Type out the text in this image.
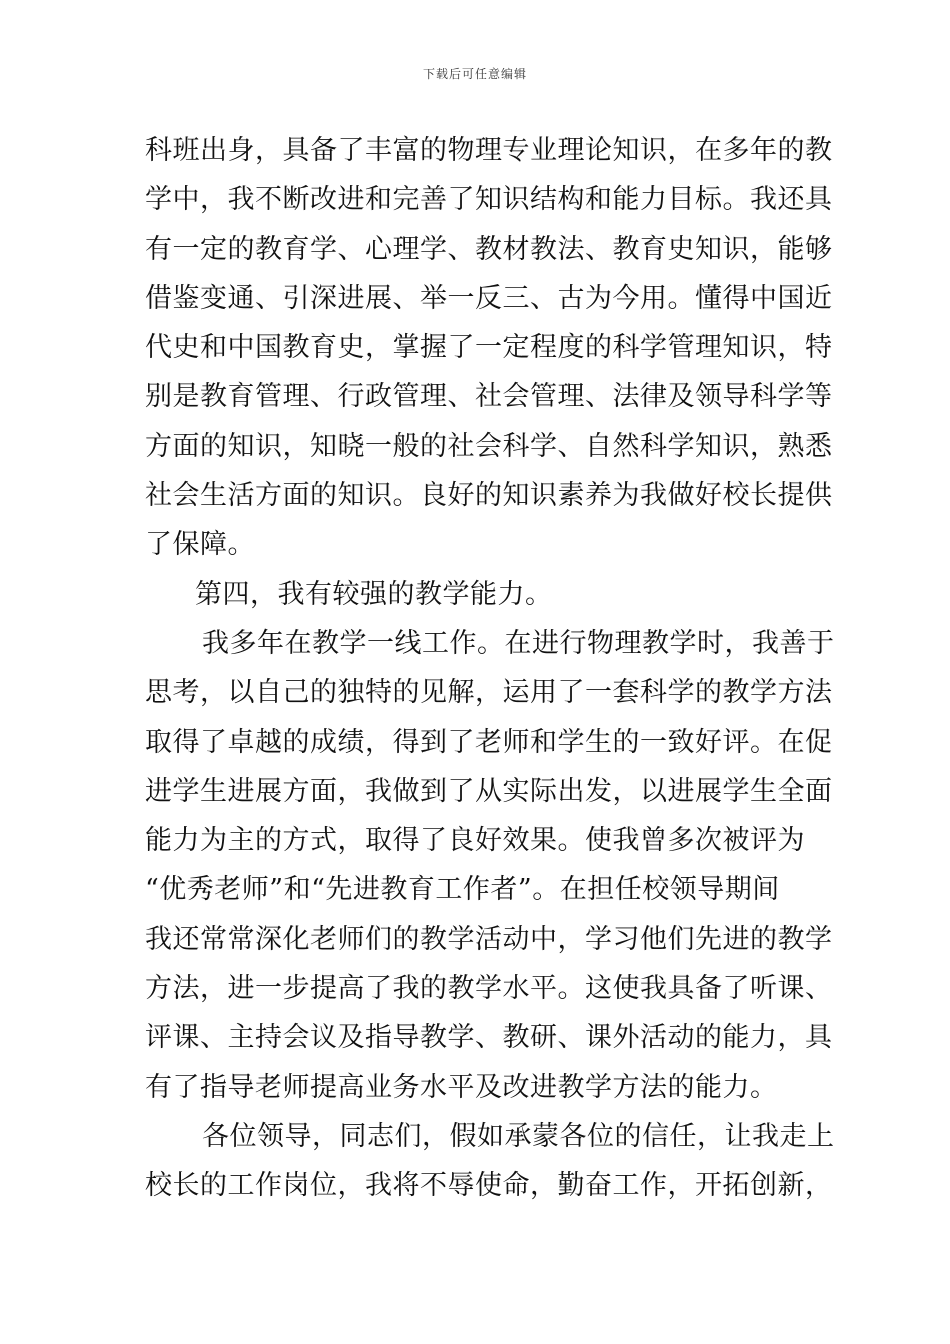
下载后可任意编辑
科班出身，具备了丰富的物理专业理论知识，在多年的教
学中，我不断改进和完善了知识结构和能力目标。我还具
有一定的教育学、心理学、教材教法、教育史知识，能够
借鉴变通、引深进展、举一反三、古为今用。懂得中国近
代史和中国教育史，掌握了一定程度的科学管理知识，特
别是教育管理、行政管理、社会管理、法律及领导科学等
方面的知识，知晓一般的社会科学、自然科学知识，熟悉
社会生活方面的知识。良好的知识素养为我做好校长提供
了保障。
第四，我有较强的教学能力。
我多年在教学一线工作。在进行物理教学时，我善于
思考，以自己的独特的见解，运用了一套科学的教学方法
取得了卓越的成绩，得到了老师和学生的一致好评。在促
进学生进展方面，我做到了从实际出发，以进展学生全面
能力为主的方式，取得了良好效果。使我曾多次被评为
“优秀老师”和“先进教育工作者”。在担任校领导期间
我还常常深化老师们的教学活动中，学习他们先进的教学
方法，进一步提高了我的教学水平。这使我具备了听课、
评课、主持会议及指导教学、教研、课外活动的能力，具
有了指导老师提高业务水平及改进教学方法的能力。
各位领导，同志们，假如承蒙各位的信任，让我走上
校长的工作岗位，我将不辱使命，勤奋工作，开拓创新，
